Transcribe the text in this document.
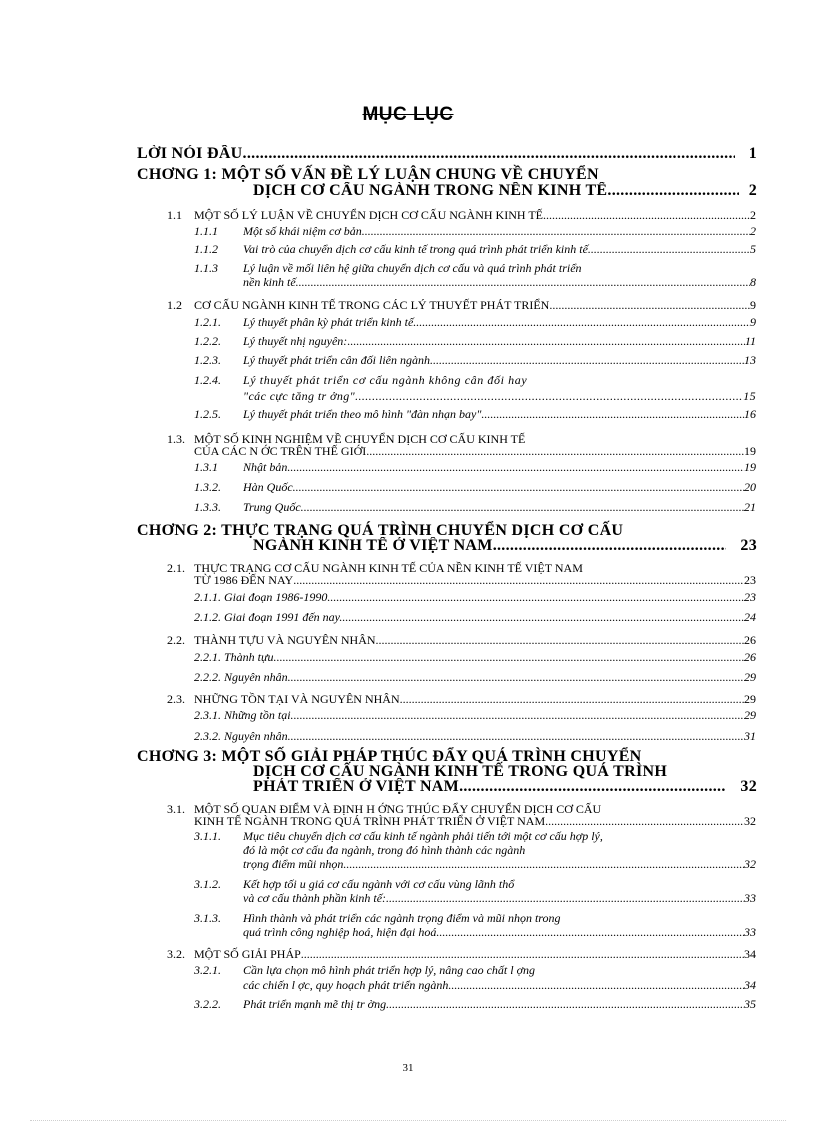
MỤC LỤC
LỜI NÓI ĐẦU .....	1
CHƠNG 1: MỘT SỐ VẤN ĐỀ LÝ LUẬN CHUNG VỀ CHUYỂN
DỊCH CƠ CẤU NGÀNH TRONG NỀN KINH TẾ .....	2
1.1 MỘT SỐ LÝ LUẬN VỀ CHUYỂN DỊCH CƠ CẤU NGÀNH KINH TẾ. .....	2
1.1.1 Một số khái niệm cơ bản. .....	2
1.1.2 Vai trò của chuyển dịch cơ cấu kinh tế trong quá trình phát triển kinh tế. .....	5
1.1.3 Lý luận về mối liên hệ giữa chuyển dịch cơ cấu và quá trình phát triển
nền kinh tế. .....	8
1.2 CƠ CẤU NGÀNH KINH TẾ TRONG CÁC LÝ THUYẾT PHÁT TRIỂN .....	9
1.2.1. Lý thuyết phân kỳ phát triển kinh tế. .....	9
1.2.2. Lý thuyết nhị nguyên: .....	11
1.2.3. Lý thuyết phát triển cân đối liên ngành. .....	13
1.2.4. Lý thuyết phát triển cơ cấu ngành không cân đối hay
"các cực tăng tr ởng". .....	15
1.2.5. Lý thuyết phát triển theo mô hình "đàn nhạn bay". .....	16
1.3. MỘT SỐ KINH NGHIỆM VỀ CHUYỂN DỊCH CƠ CẤU KINH TẾ
CỦA CÁC N ỚC TRÊN THẾ GIỚI. .....	19
1.3.1 Nhật bản. .....	19
1.3.2. Hàn Quốc. .....	20
1.3.3. Trung Quốc. .....	21
CHƠNG 2: THỰC TRẠNG QUÁ TRÌNH CHUYỂN DỊCH CƠ CẤU
NGÀNH KINH TẾ Ở VIỆT NAM .....	23
2.1. THỰC TRẠNG CƠ CẤU NGÀNH KINH TẾ CỦA NỀN KINH TẾ VIỆT NAM
TỪ 1986 ĐẾN NAY .....	23
2.1.1. Giai đoạn 1986-1990. .....	23
2.1.2. Giai đoạn 1991 đến nay. .....	24
2.2. THÀNH TỰU VÀ NGUYÊN NHÂN .....	26
2.2.1. Thành tựu. .....	26
2.2.2. Nguyên nhân. .....	29
2.3. NHỮNG TỒN TẠI VÀ NGUYÊN NHÂN. .....	29
2.3.1. Những tồn tại. .....	29
2.3.2. Nguyên nhân. .....	31
CHƠNG 3: MỘT SỐ GIẢI PHÁP THÚC ĐẨY QUÁ TRÌNH CHUYỂN
DỊCH CƠ CẤU NGÀNH KINH TẾ TRONG QUÁ TRÌNH
PHÁT TRIỂN Ở VIỆT NAM .....	32
3.1. MỘT SỐ QUAN ĐIỂM VÀ ĐỊNH H ỚNG THÚC ĐẨY CHUYỂN DỊCH CƠ CẤU
KINH TẾ NGÀNH TRONG QUÁ TRÌNH PHÁT TRIỂN Ở VIỆT NAM. .....	32
3.1.1. Mục tiêu chuyển dịch cơ cấu kinh tế ngành phải tiến tới một cơ cấu hợp lý,
đó là một cơ cấu đa ngành, trong đó hình thành các ngành
trọng điểm mũi nhọn. .....	32
3.1.2. Kết hợp tối u giá cơ cấu ngành với cơ cấu vùng lãnh thổ
và cơ cấu thành phần kinh tế: .....	33
3.1.3. Hình thành và phát triển các ngành trọng điểm và mũi nhọn trong
quá trình công nghiệp hoá, hiện đại hoá. .....	33
3.2. MỘT SỐ GIẢI PHÁP .....	34
3.2.1. Cần lựa chọn mô hình phát triển hợp lý, nâng cao chất l ợng
các chiến l ợc, quy hoạch phát triển ngành. .....	34
3.2.2. Phát triển mạnh mẽ thị tr ờng. .....	35
31
